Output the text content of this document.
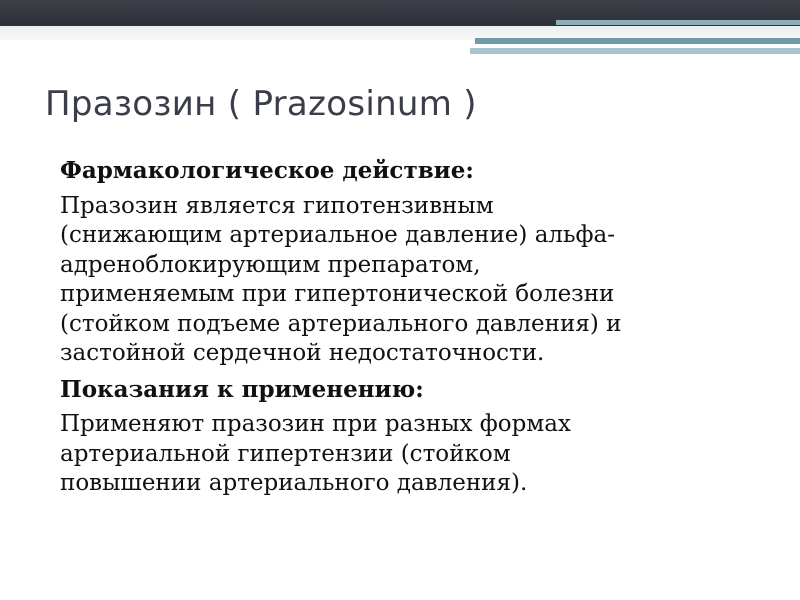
Празозин ( Prazosinum )

Фармакологическое действие:

Празозин является гипотензивным
(снижающим артериальное давление) альфа-
адреноблокирующим препаратом,
применяемым при гипертонической болезни
(стойком подъеме артериального давления) и
застойной сердечной недостаточности.

Показания к применению:

Применяют празозин при разных формах
артериальной гипертензии (стойком
повышении артериального давления).
